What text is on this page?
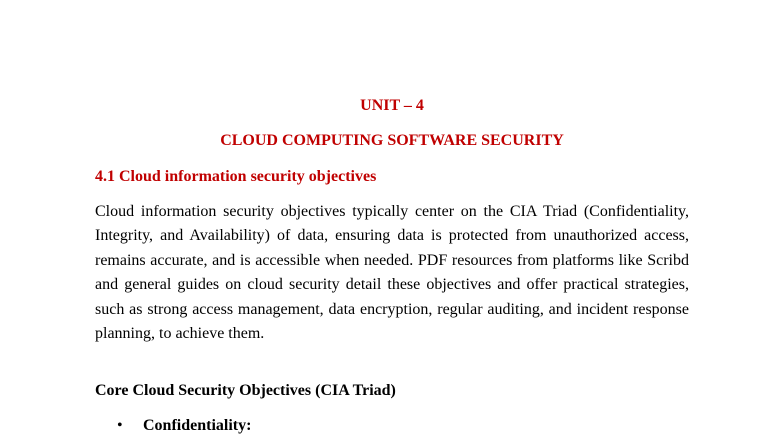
UNIT – 4
CLOUD COMPUTING SOFTWARE SECURITY
4.1 Cloud information security objectives

Cloud information security objectives typically center on the CIA Triad (Confidentiality, Integrity, and Availability) of data, ensuring data is protected from unauthorized access, remains accurate, and is accessible when needed. PDF resources from platforms like Scribd and general guides on cloud security detail these objectives and offer practical strategies, such as strong access management, data encryption, regular auditing, and incident response planning, to achieve them.

Core Cloud Security Objectives (CIA Triad)
• Confidentiality:
